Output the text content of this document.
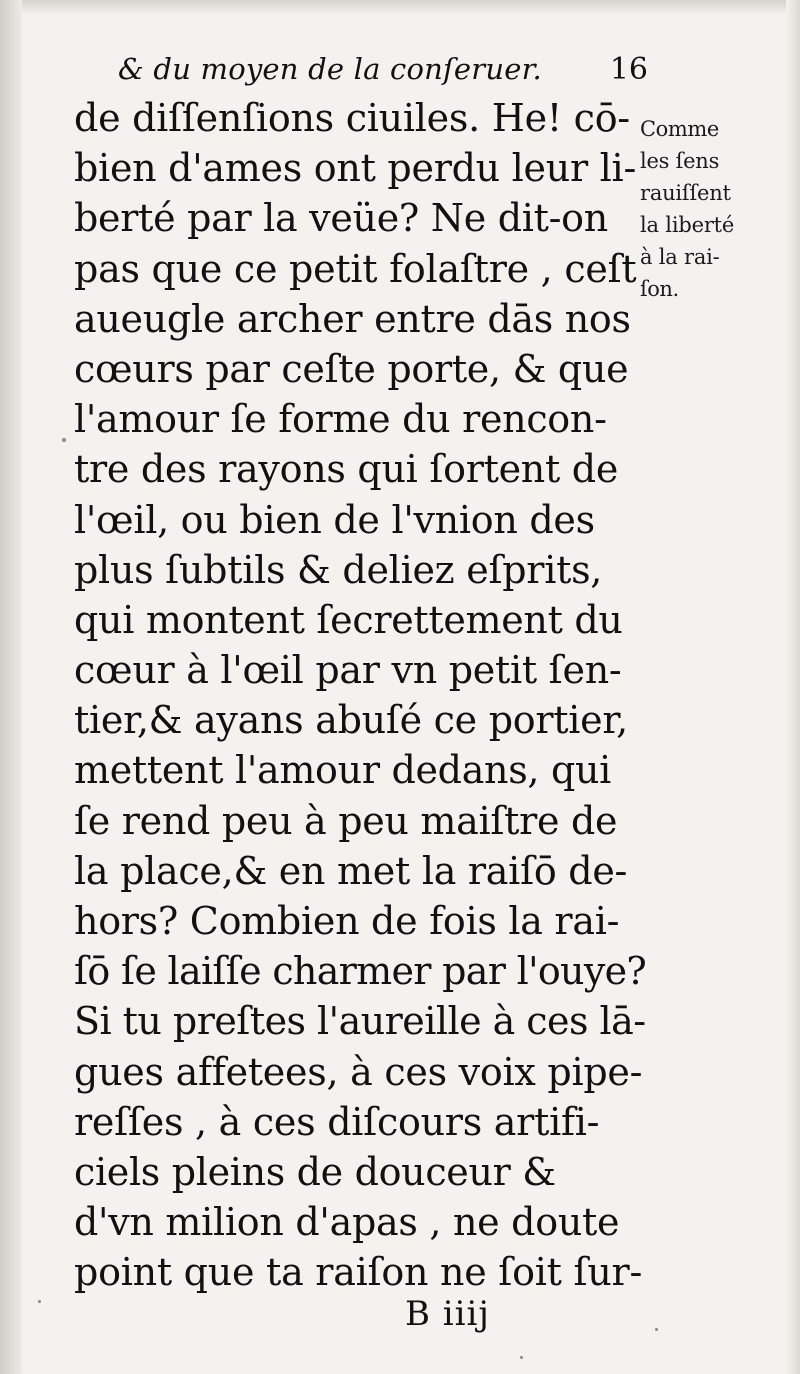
& du moyen de la conſeruer. 16
de diſſenſions ciuiles. He! cō-
bien d'ames ont perdu leur li-
berté par la veüe? Ne dit-on
pas que ce petit folaſtre , ceſt
aueugle archer entre dās nos
cœurs par ceſte porte, & que
l'amour ſe forme du rencon-
tre des rayons qui ſortent de
l'œil, ou bien de l'vnion des
plus ſubtils & deliez eſprits,
qui montent ſecrettement du
cœur à l'œil par vn petit ſen-
tier,& ayans abuſé ce portier,
mettent l'amour dedans, qui
ſe rend peu à peu maiſtre de
la place,& en met la raiſō de-
hors? Combien de fois la rai-
ſō ſe laiſſe charmer par l'ouye?
Si tu preſtes l'aureille à ces lā-
gues affetees, à ces voix pipe-
reſſes , à ces diſcours artifi-
ciels pleins de douceur &
d'vn milion d'apas , ne doute
point que ta raiſon ne ſoit ſur-
Comme
les ſens
rauiſſent
la liberté
à la rai-
ſon.
B iiij
